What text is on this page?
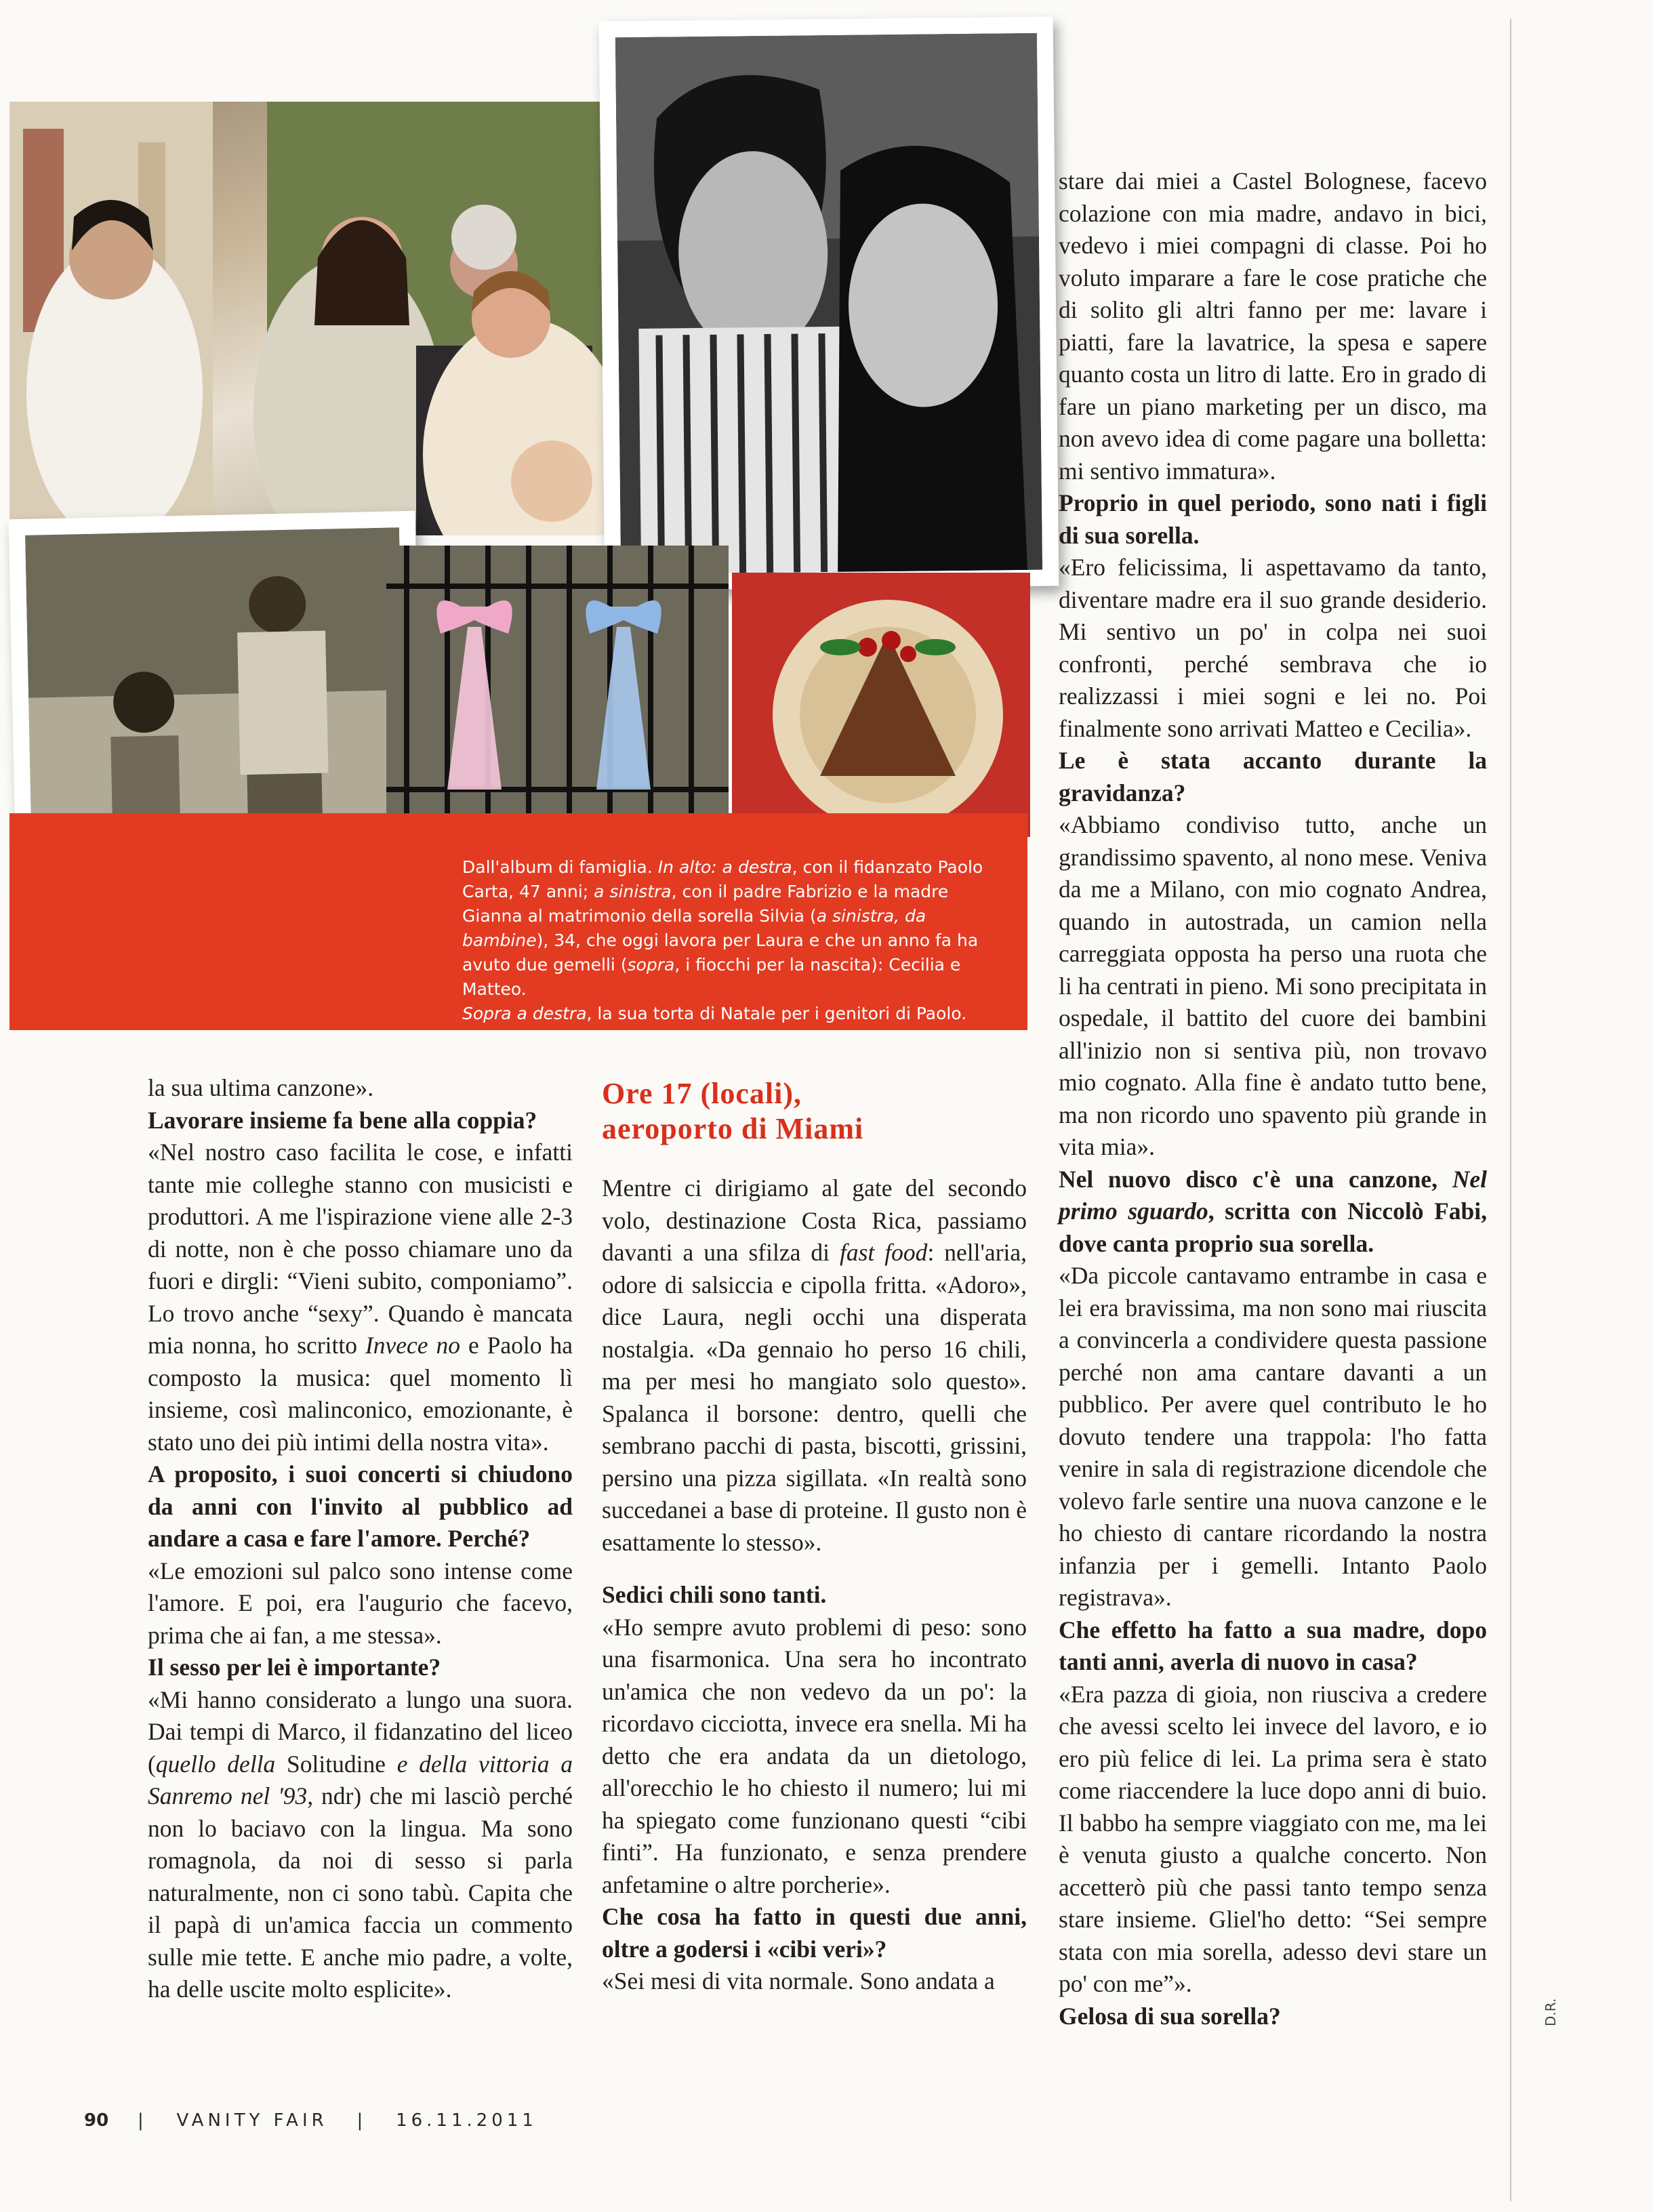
Dall'album di famiglia. In alto: a destra, con il fidanzato Paolo Carta, 47 anni; a sinistra, con il padre Fabrizio e la madre Gianna al matrimonio della sorella Silvia (a sinistra, da bambine), 34, che oggi lavora per Laura e che un anno fa ha avuto due gemelli (sopra, i fiocchi per la nascita): Cecilia e Matteo.
Sopra a destra, la sua torta di Natale per i genitori di Paolo.

la sua ultima canzone».

Lavorare insieme fa bene alla coppia?

«Nel nostro caso facilita le cose, e infatti tante mie colleghe stanno con musicisti e produttori. A me l'ispirazione viene alle 2-3 di notte, non è che posso chiamare uno da fuori e dirgli: “Vieni subito, componiamo”. Lo trovo anche “sexy”. Quando è mancata mia nonna, ho scritto Invece no e Paolo ha composto la musica: quel momento lì insieme, così malinconico, emozionante, è stato uno dei più intimi della nostra vita».

A proposito, i suoi concerti si chiudono da anni con l'invito al pubblico ad andare a casa e fare l'amore. Perché?

«Le emozioni sul palco sono intense come l'amore. E poi, era l'augurio che facevo, prima che ai fan, a me stessa».

Il sesso per lei è importante?

«Mi hanno considerato a lungo una suora. Dai tempi di Marco, il fidanzatino del liceo (quello della Solitudine e della vittoria a Sanremo nel '93, ndr) che mi lasciò perché non lo baciavo con la lingua. Ma sono romagnola, da noi di sesso si parla naturalmente, non ci sono tabù. Capita che il papà di un'amica faccia un commento sulle mie tette. E anche mio padre, a volte, ha delle uscite molto esplicite».

Ore 17 (locali),
aeroporto di Miami

Mentre ci dirigiamo al gate del secondo volo, destinazione Costa Rica, passiamo davanti a una sfilza di fast food: nell'aria, odore di salsiccia e cipolla fritta. «Adoro», dice Laura, negli occhi una disperata nostalgia. «Da gennaio ho perso 16 chili, ma per mesi ho mangiato solo questo». Spalanca il borsone: dentro, quelli che sembrano pacchi di pasta, biscotti, grissini, persino una pizza sigillata. «In realtà sono succedanei a base di proteine. Il gusto non è esattamente lo stesso».

Sedici chili sono tanti.

«Ho sempre avuto problemi di peso: sono una fisarmonica. Una sera ho incontrato un'amica che non vedevo da un po': la ricordavo cicciotta, invece era snella. Mi ha detto che era andata da un dietologo, all'orecchio le ho chiesto il numero; lui mi ha spiegato come funzionano questi “cibi finti”. Ha funzionato, e senza prendere anfetamine o altre porcherie».

Che cosa ha fatto in questi due anni, oltre a godersi i «cibi veri»?

«Sei mesi di vita normale. Sono andata a

stare dai miei a Castel Bolognese, facevo colazione con mia madre, andavo in bici, vedevo i miei compagni di classe. Poi ho voluto imparare a fare le cose pratiche che di solito gli altri fanno per me: lavare i piatti, fare la lavatrice, la spesa e sapere quanto costa un litro di latte. Ero in grado di fare un piano marketing per un disco, ma non avevo idea di come pagare una bolletta: mi sentivo immatura».

Proprio in quel periodo, sono nati i figli di sua sorella.

«Ero felicissima, li aspettavamo da tanto, diventare madre era il suo grande desiderio. Mi sentivo un po' in colpa nei suoi confronti, perché sembrava che io realizzassi i miei sogni e lei no. Poi finalmente sono arrivati Matteo e Cecilia».

Le è stata accanto durante la gravidanza?

«Abbiamo condiviso tutto, anche un grandissimo spavento, al nono mese. Veniva da me a Milano, con mio cognato Andrea, quando in autostrada, un camion nella carreggiata opposta ha perso una ruota che li ha centrati in pieno. Mi sono precipitata in ospedale, il battito del cuore dei bambini all'inizio non si sentiva più, non trovavo mio cognato. Alla fine è andato tutto bene, ma non ricordo uno spavento più grande in vita mia».

Nel nuovo disco c'è una canzone, Nel primo sguardo, scritta con Niccolò Fabi, dove canta proprio sua sorella.

«Da piccole cantavamo entrambe in casa e lei era bravissima, ma non sono mai riuscita a convincerla a condividere questa passione perché non ama cantare davanti a un pubblico. Per avere quel contributo le ho dovuto tendere una trappola: l'ho fatta venire in sala di registrazione dicendole che volevo farle sentire una nuova canzone e le ho chiesto di cantare ricordando la nostra infanzia per i gemelli. Intanto Paolo registrava».

Che effetto ha fatto a sua madre, dopo tanti anni, averla di nuovo in casa?

«Era pazza di gioia, non riusciva a credere che avessi scelto lei invece del lavoro, e io ero più felice di lei. La prima sera è stato come riaccendere la luce dopo anni di buio. Il babbo ha sempre viaggiato con me, ma lei è venuta giusto a qualche concerto. Non accetterò più che passi tanto tempo senza stare insieme. Gliel'ho detto: “Sei sempre stata con mia sorella, adesso devi stare un po' con me”».

Gelosa di sua sorella?

90 | VANITY FAIR | 16.11.2011
D.R.
